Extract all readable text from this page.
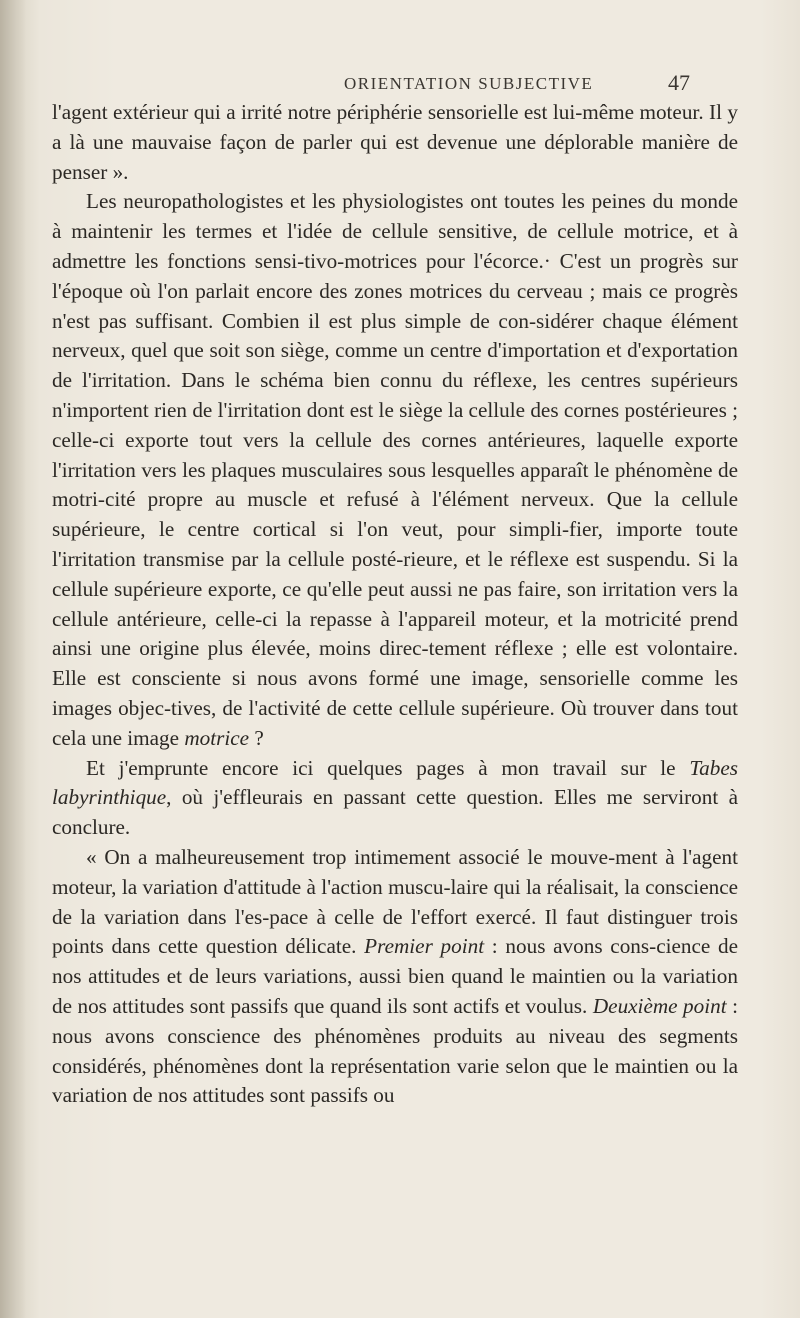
ORIENTATION SUBJECTIVE	47

l'agent extérieur qui a irrité notre périphérie sensorielle est lui-même moteur. Il y a là une mauvaise façon de parler qui est devenue une déplorable manière de penser ».

Les neuropathologistes et les physiologistes ont toutes les peines du monde à maintenir les termes et l'idée de cellule sensitive, de cellule motrice, et à admettre les fonctions sensi-tivo-motrices pour l'écorce.· C'est un progrès sur l'époque où l'on parlait encore des zones motrices du cerveau ; mais ce progrès n'est pas suffisant. Combien il est plus simple de con-sidérer chaque élément nerveux, quel que soit son siège, comme un centre d'importation et d'exportation de l'irritation. Dans le schéma bien connu du réflexe, les centres supérieurs n'importent rien de l'irritation dont est le siège la cellule des cornes postérieures ; celle-ci exporte tout vers la cellule des cornes antérieures, laquelle exporte l'irritation vers les plaques musculaires sous lesquelles apparaît le phénomène de motri-cité propre au muscle et refusé à l'élément nerveux. Que la cellule supérieure, le centre cortical si l'on veut, pour simpli-fier, importe toute l'irritation transmise par la cellule posté-rieure, et le réflexe est suspendu. Si la cellule supérieure exporte, ce qu'elle peut aussi ne pas faire, son irritation vers la cellule antérieure, celle-ci la repasse à l'appareil moteur, et la motricité prend ainsi une origine plus élevée, moins direc-tement réflexe ; elle est volontaire. Elle est consciente si nous avons formé une image, sensorielle comme les images objec-tives, de l'activité de cette cellule supérieure. Où trouver dans tout cela une image motrice ?

Et j'emprunte encore ici quelques pages à mon travail sur le Tabes labyrinthique, où j'effleurais en passant cette question. Elles me serviront à conclure.

« On a malheureusement trop intimement associé le mouve-ment à l'agent moteur, la variation d'attitude à l'action muscu-laire qui la réalisait, la conscience de la variation dans l'es-pace à celle de l'effort exercé. Il faut distinguer trois points dans cette question délicate. Premier point : nous avons cons-cience de nos attitudes et de leurs variations, aussi bien quand le maintien ou la variation de nos attitudes sont passifs que quand ils sont actifs et voulus. Deuxième point : nous avons conscience des phénomènes produits au niveau des segments considérés, phénomènes dont la représentation varie selon que le maintien ou la variation de nos attitudes sont passifs ou
